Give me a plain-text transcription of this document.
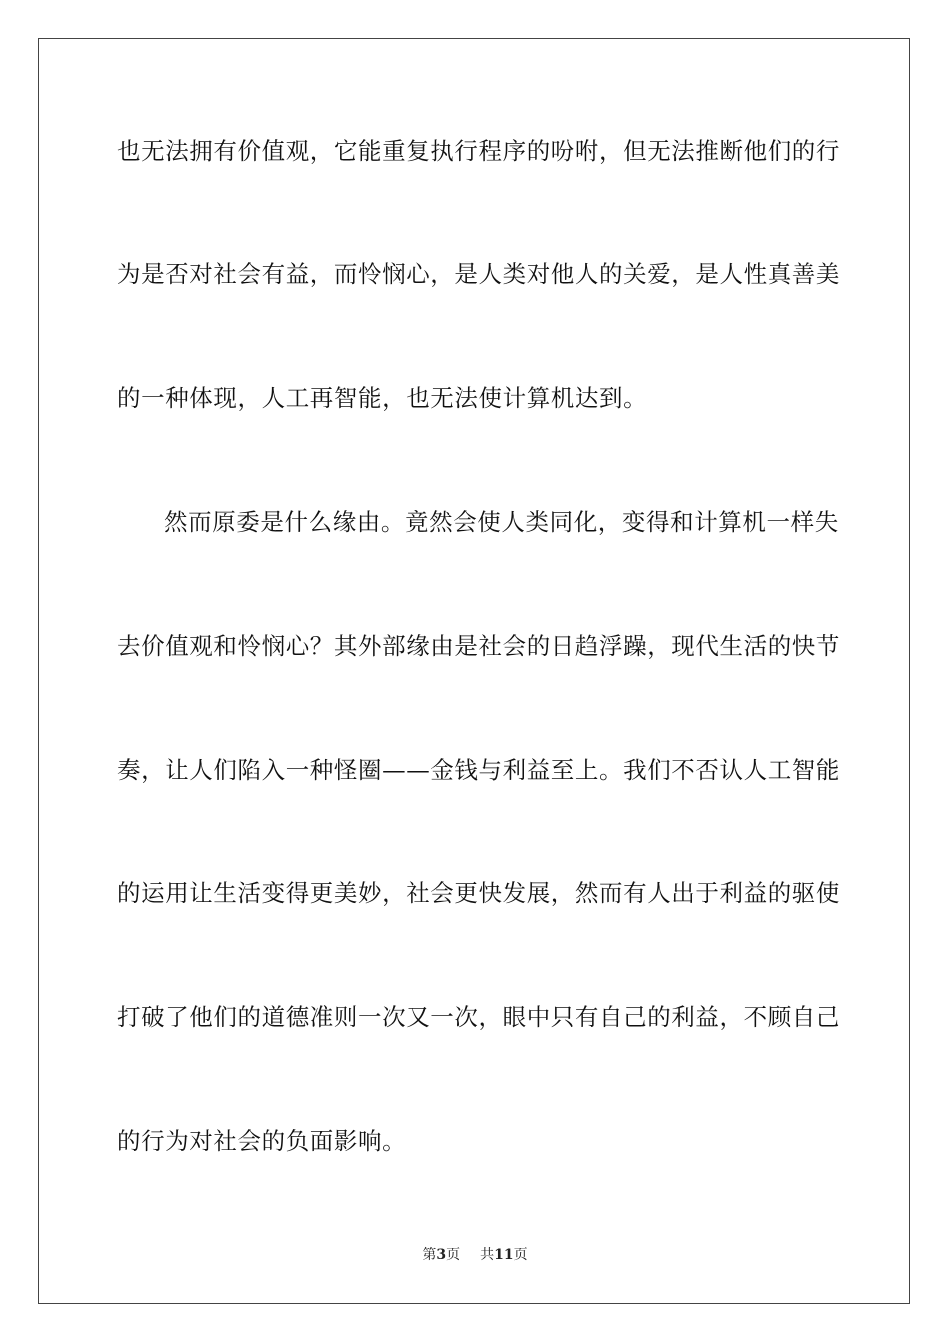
也无法拥有价值观，它能重复执行程序的吩咐，但无法推断他们的行
为是否对社会有益，而怜悯心，是人类对他人的关爱，是人性真善美
的一种体现，人工再智能，也无法使计算机达到。
然而原委是什么缘由。竟然会使人类同化，变得和计算机一样失
去价值观和怜悯心？其外部缘由是社会的日趋浮躁，现代生活的快节
奏，让人们陷入一种怪圈——金钱与利益至上。我们不否认人工智能
的运用让生活变得更美妙，社会更快发展，然而有人出于利益的驱使
打破了他们的道德准则一次又一次，眼中只有自己的利益，不顾自己
的行为对社会的负面影响。
第3页 共11页
